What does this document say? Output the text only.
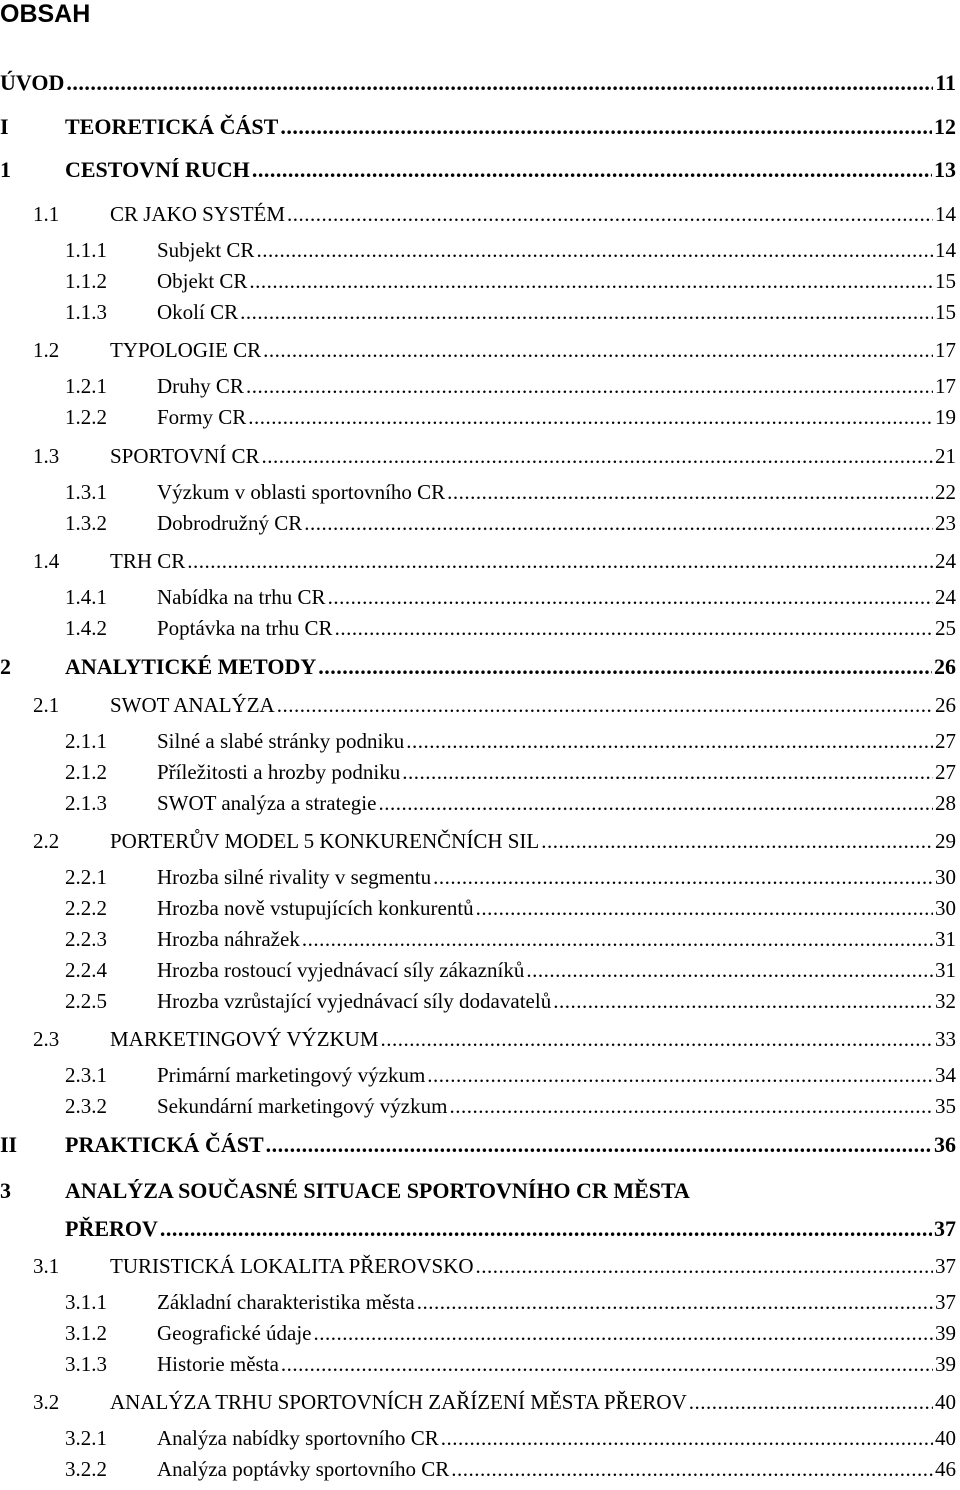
OBSAH
ÚVOD .....	11
I	TEORETICKÁ ČÁST .....	12
1	CESTOVNÍ RUCH .....	13
1.1	CR JAKO SYSTÉM .....	14
1.1.1	Subjekt CR .....	14
1.1.2	Objekt CR .....	15
1.1.3	Okolí CR .....	15
1.2	TYPOLOGIE CR .....	17
1.2.1	Druhy CR .....	17
1.2.2	Formy CR .....	19
1.3	SPORTOVNÍ CR .....	21
1.3.1	Výzkum v oblasti sportovního CR .....	22
1.3.2	Dobrodružný CR .....	23
1.4	TRH CR .....	24
1.4.1	Nabídka na trhu CR .....	24
1.4.2	Poptávka na trhu CR .....	25
2	ANALYTICKÉ METODY .....	26
2.1	SWOT ANALÝZA .....	26
2.1.1	Silné a slabé stránky podniku .....	27
2.1.2	Příležitosti a hrozby podniku .....	27
2.1.3	SWOT analýza a strategie .....	28
2.2	PORTERŮV MODEL 5 KONKURENČNÍCH SIL .....	29
2.2.1	Hrozba silné rivality v segmentu .....	30
2.2.2	Hrozba nově vstupujících konkurentů .....	30
2.2.3	Hrozba náhražek .....	31
2.2.4	Hrozba rostoucí vyjednávací síly zákazníků .....	31
2.2.5	Hrozba vzrůstající vyjednávací síly dodavatelů .....	32
2.3	MARKETINGOVÝ VÝZKUM .....	33
2.3.1	Primární marketingový výzkum .....	34
2.3.2	Sekundární marketingový výzkum .....	35
II	PRAKTICKÁ ČÁST .....	36
3 ANALÝZA SOUČASNÉ SITUACE SPORTOVNÍHO CR MĚSTA
PŘEROV .....	37
3.1	TURISTICKÁ LOKALITA PŘEROVSKO .....	37
3.1.1	Základní charakteristika města .....	37
3.1.2	Geografické údaje .....	39
3.1.3	Historie města .....	39
3.2	ANALÝZA TRHU SPORTOVNÍCH ZAŘÍZENÍ MĚSTA PŘEROV .....	40
3.2.1	Analýza nabídky sportovního CR .....	40
3.2.2	Analýza poptávky sportovního CR .....	46
